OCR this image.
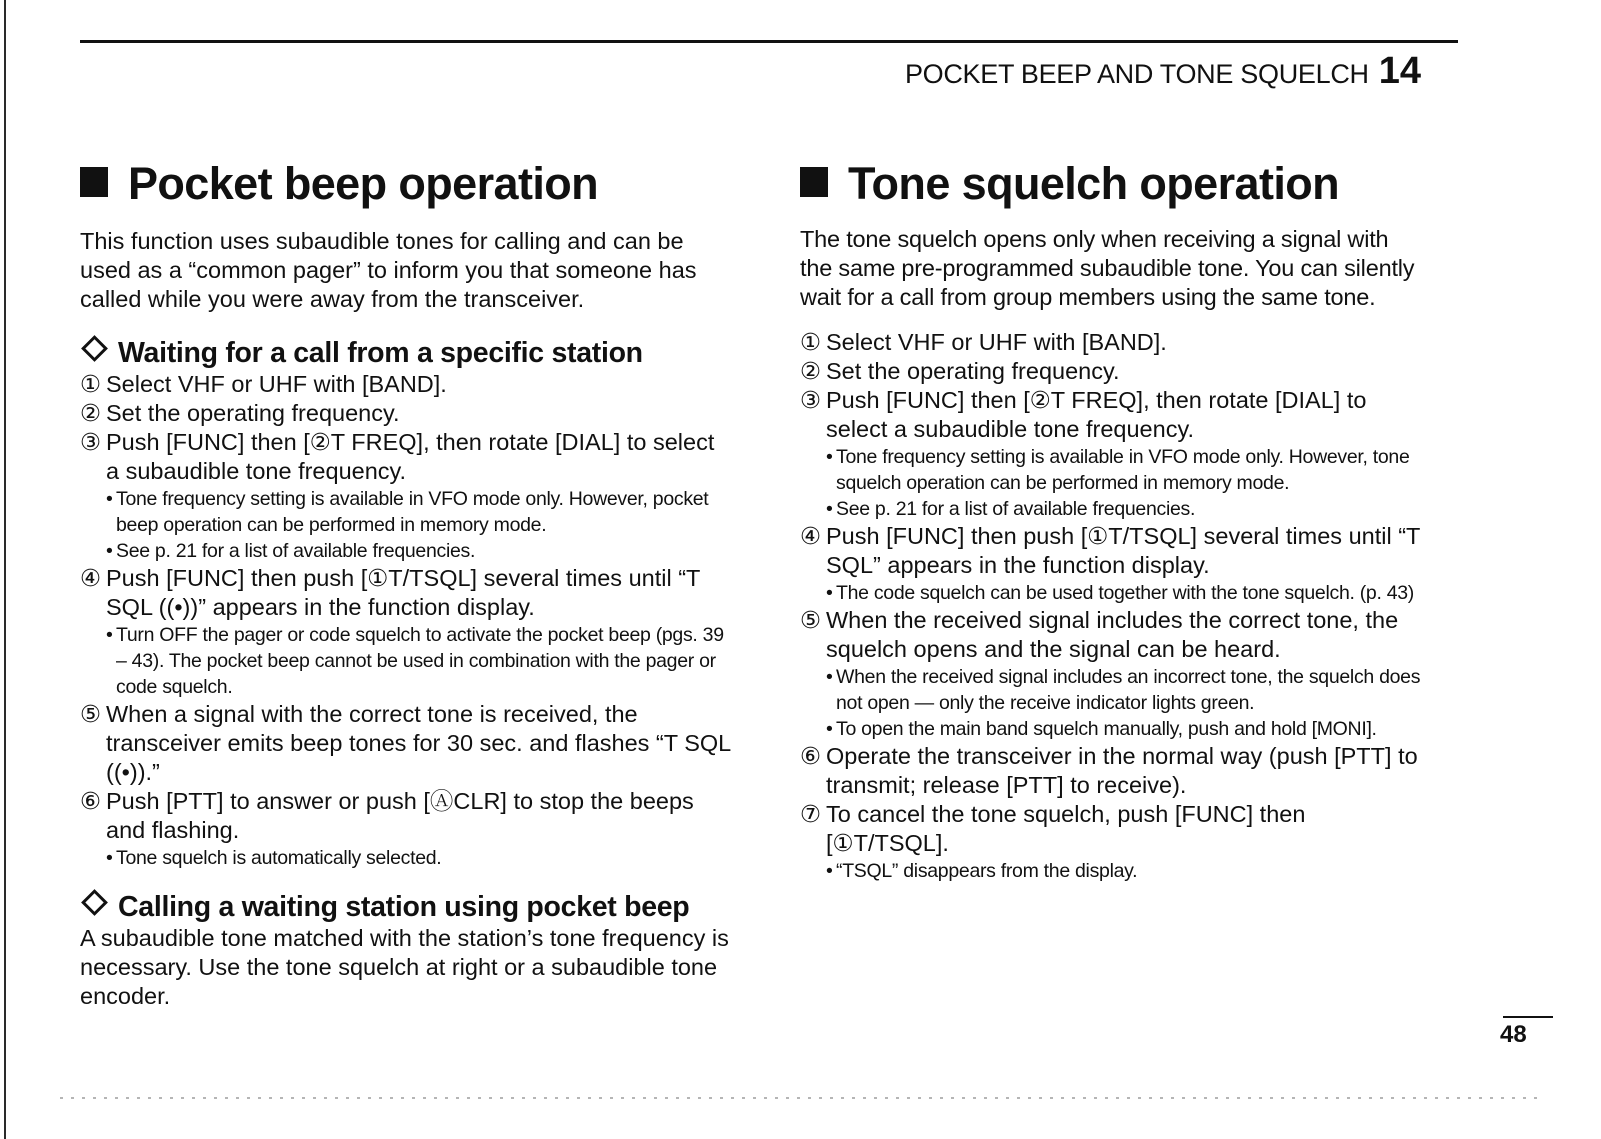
POCKET BEEP AND TONE SQUELCH 14
Pocket beep operation

This function uses subaudible tones for calling and can be used as a “common pager” to inform you that someone has called while you were away from the transceiver.

Waiting for a call from a specific station
① Select VHF or UHF with [BAND].
② Set the operating frequency.
③ Push [FUNC] then [②T FREQ], then rotate [DIAL] to select a subaudible tone frequency.
• Tone frequency setting is available in VFO mode only. However, pocket beep operation can be performed in memory mode.
• See p. 21 for a list of available frequencies.
④ Push [FUNC] then push [①T/TSQL] several times until “T SQL ((•))” appears in the function display.
• Turn OFF the pager or code squelch to activate the pocket beep (pgs. 39 – 43). The pocket beep cannot be used in combination with the pager or code squelch.
⑤ When a signal with the correct tone is received, the transceiver emits beep tones for 30 sec. and flashes “T SQL ((•)).”
⑥ Push [PTT] to answer or push [ⒶCLR] to stop the beeps and flashing.
• Tone squelch is automatically selected.
Calling a waiting station using pocket beep

A subaudible tone matched with the station’s tone frequency is necessary. Use the tone squelch at right or a subaudible tone encoder.

Tone squelch operation

The tone squelch opens only when receiving a signal with the same pre-programmed subaudible tone. You can silently wait for a call from group members using the same tone.

① Select VHF or UHF with [BAND].
② Set the operating frequency.
③ Push [FUNC] then [②T FREQ], then rotate [DIAL] to select a subaudible tone frequency.
• Tone frequency setting is available in VFO mode only. However, tone squelch operation can be performed in memory mode.
• See p. 21 for a list of available frequencies.
④ Push [FUNC] then push [①T/TSQL] several times until “T SQL” appears in the function display.
• The code squelch can be used together with the tone squelch. (p. 43)
⑤ When the received signal includes the correct tone, the squelch opens and the signal can be heard.
• When the received signal includes an incorrect tone, the squelch does not open — only the receive indicator lights green.
• To open the main band squelch manually, push and hold [MONI].
⑥ Operate the transceiver in the normal way (push [PTT] to transmit; release [PTT] to receive).
⑦ To cancel the tone squelch, push [FUNC] then [①T/TSQL].
• “TSQL” disappears from the display.
48
